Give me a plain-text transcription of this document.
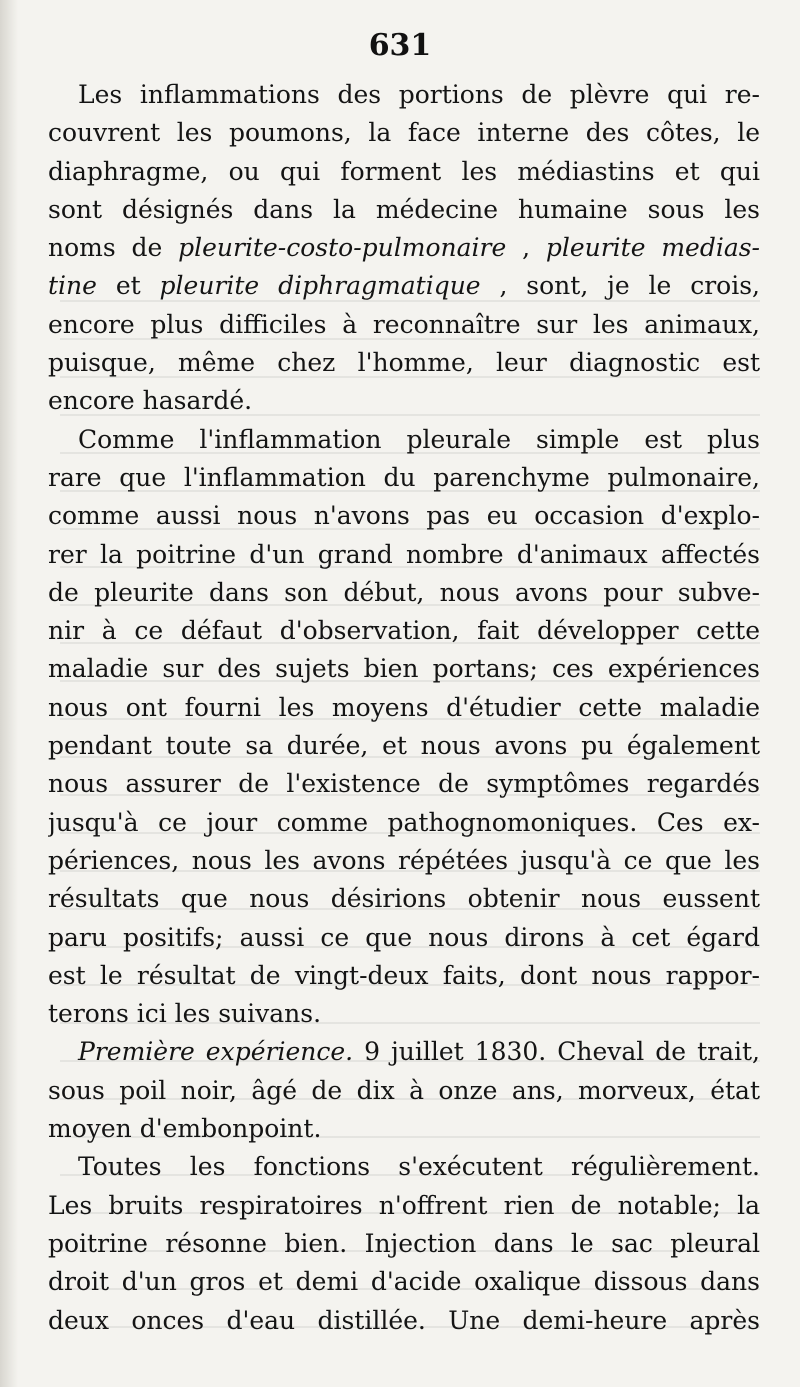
631
Les inflammations des portions de plèvre qui re-
couvrent les poumons, la face interne des côtes, le
diaphragme, ou qui forment les médiastins et qui
sont désignés dans la médecine humaine sous les
noms de pleurite-costo-pulmonaire , pleurite medias-
tine et pleurite diphragmatique , sont, je le crois,
encore plus difficiles à reconnaître sur les animaux,
puisque, même chez l'homme, leur diagnostic est
encore hasardé.
Comme l'inflammation pleurale simple est plus
rare que l'inflammation du parenchyme pulmonaire,
comme aussi nous n'avons pas eu occasion d'explo-
rer la poitrine d'un grand nombre d'animaux affectés
de pleurite dans son début, nous avons pour subve-
nir à ce défaut d'observation, fait développer cette
maladie sur des sujets bien portans; ces expériences
nous ont fourni les moyens d'étudier cette maladie
pendant toute sa durée, et nous avons pu également
nous assurer de l'existence de symptômes regardés
jusqu'à ce jour comme pathognomoniques. Ces ex-
périences, nous les avons répétées jusqu'à ce que les
résultats que nous désirions obtenir nous eussent
paru positifs; aussi ce que nous dirons à cet égard
est le résultat de vingt-deux faits, dont nous rappor-
terons ici les suivans.
Première expérience. 9 juillet 1830. Cheval de trait,
sous poil noir, âgé de dix à onze ans, morveux, état
moyen d'embonpoint.
Toutes les fonctions s'exécutent régulièrement.
Les bruits respiratoires n'offrent rien de notable; la
poitrine résonne bien. Injection dans le sac pleural
droit d'un gros et demi d'acide oxalique dissous dans
deux onces d'eau distillée. Une demi-heure après
